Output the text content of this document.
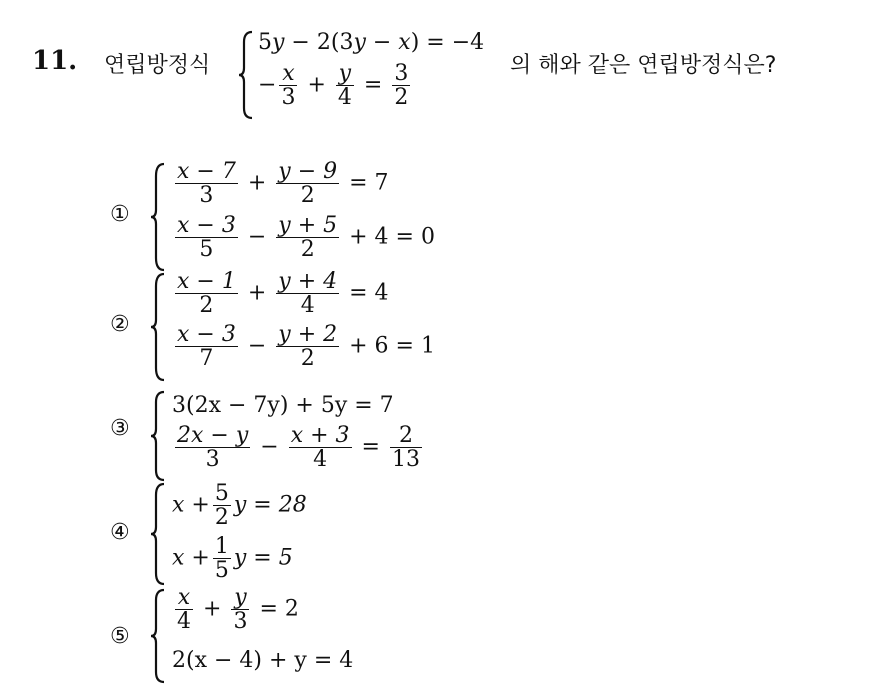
11. 연립방정식
5y − 2(3y − x) = −4
− $\frac{x}{3} + \frac{y}{4} = \frac{3}{2}$	의 해와 같은 연립방정식은?
①
$\frac{x - 7}{3} + \frac{y - 9}{2} = 7$
$\frac{x - 3}{5} - \frac{y + 5}{2} + 4 = 0$
②
$\frac{x - 1}{2} + \frac{y + 4}{4} = 4$
$\frac{x - 3}{7} - \frac{y + 2}{2} + 6 = 1$
③
3(2x − 7y) + 5y = 7
$\frac{2x - y}{3} - \frac{x + 3}{4} = \frac{2}{13}$
④
$x + \frac{5}{2}$ y = 28
$x + \frac{1}{5}$ y = 5
⑤
$\frac{x}{4} + \frac{y}{3} = 2$
2(x − 4) + y = 4
